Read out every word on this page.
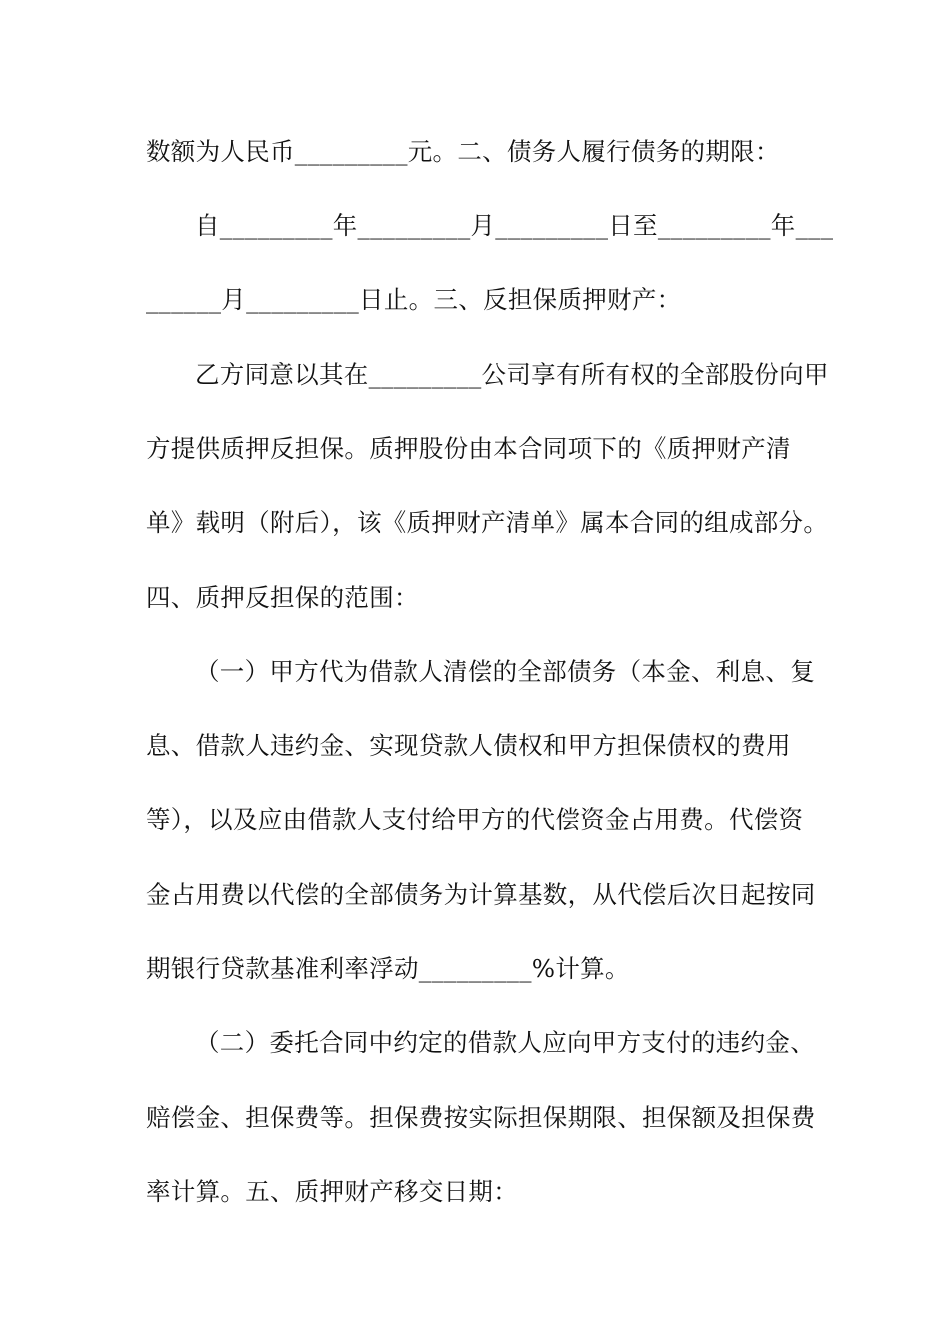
数额为人民币_________元。二、债务人履行债务的期限：
自_________年_________月_________日至_________年___
______月_________日止。三、反担保质押财产：
乙方同意以其在_________公司享有所有权的全部股份向甲
方提供质押反担保。质押股份由本合同项下的《质押财产清
单》载明（附后），该《质押财产清单》属本合同的组成部分。
四、质押反担保的范围：
（一）甲方代为借款人清偿的全部债务（本金、利息、复
息、借款人违约金、实现贷款人债权和甲方担保债权的费用
等），以及应由借款人支付给甲方的代偿资金占用费。代偿资
金占用费以代偿的全部债务为计算基数，从代偿后次日起按同
期银行贷款基准利率浮动_________%计算。
（二）委托合同中约定的借款人应向甲方支付的违约金、
赔偿金、担保费等。担保费按实际担保期限、担保额及担保费
率计算。五、质押财产移交日期：
